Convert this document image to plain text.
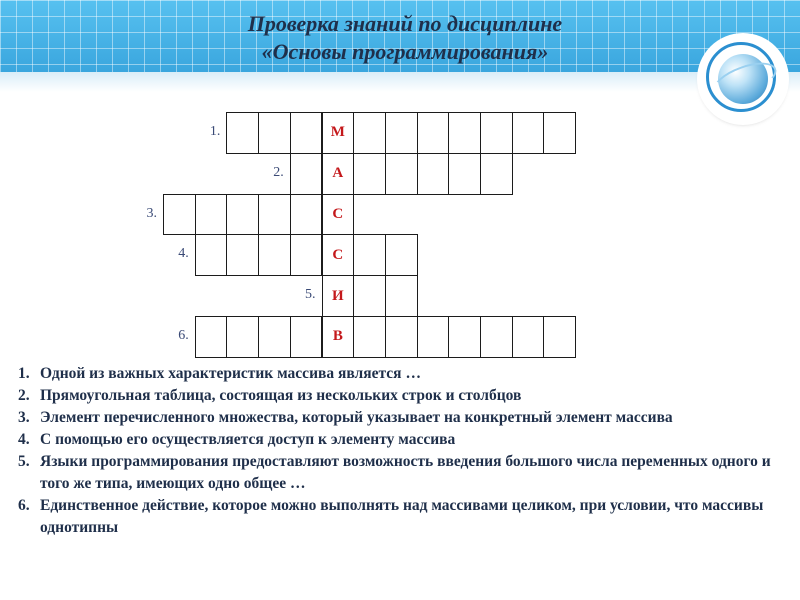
Проверка знаний по дисциплине
«Основы программирования»
1.	М
2.	А
3.	С
4.	С
5. И
6.	В
1. Одной из важных характеристик массива является …
2. Прямоугольная таблица, состоящая из нескольких строк и столбцов
3. Элемент перечисленного множества, который указывает на конкретный элемент массива
4. С помощью его осуществляется доступ к элементу массива
5. Языки программирования предоставляют возможность введения большого числа переменных одного и того же типа, имеющих одно общее …
6. Единственное действие, которое можно выполнять над массивами целиком, при условии, что массивы однотипны
